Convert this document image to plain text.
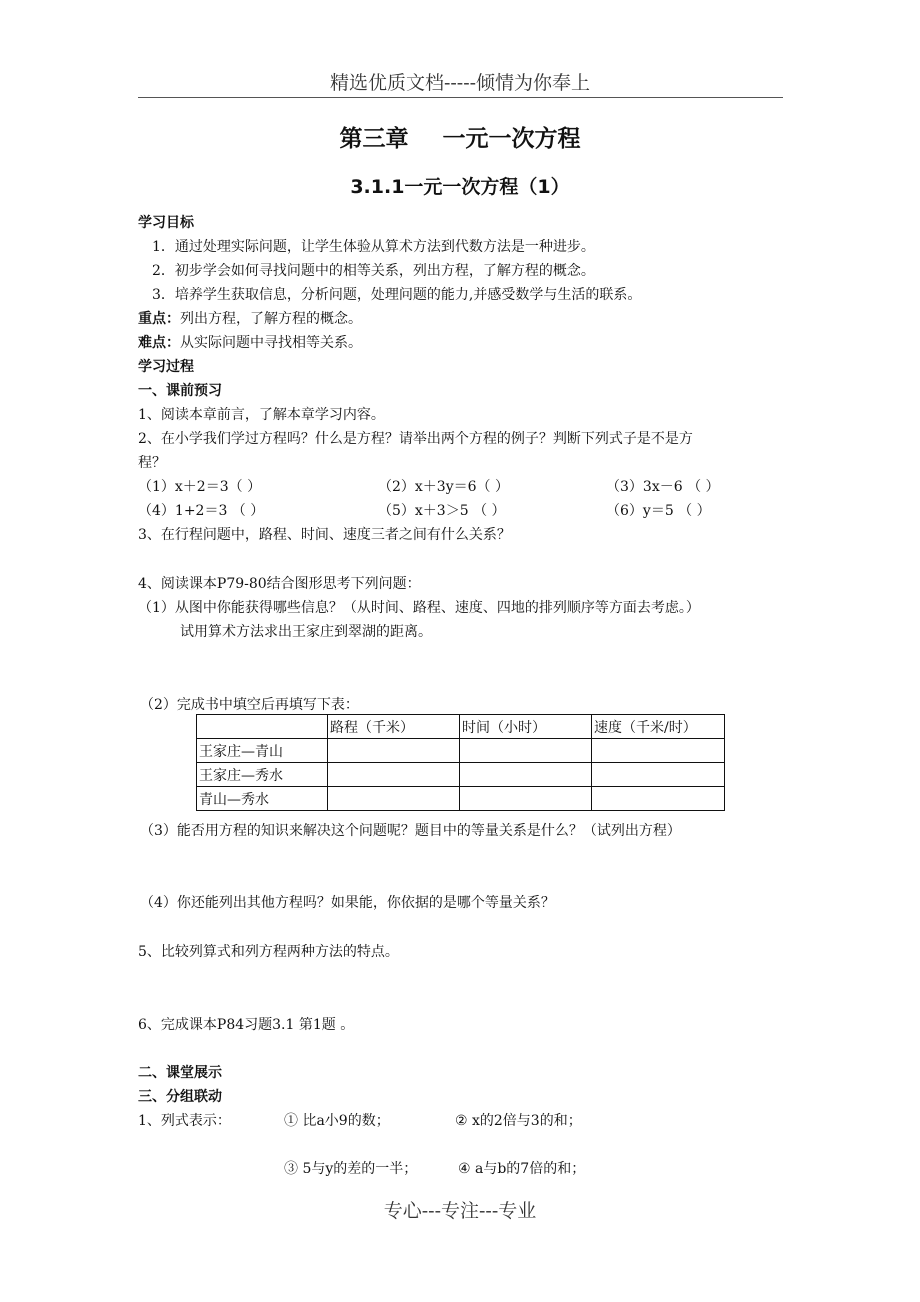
精选优质文档-----倾情为你奉上
第三章 一元一次方程
3.1.1一元一次方程（1）
学习目标
1．通过处理实际问题，让学生体验从算术方法到代数方法是一种进步。
2．初步学会如何寻找问题中的相等关系，列出方程，了解方程的概念。
3．培养学生获取信息，分析问题，处理问题的能力,并感受数学与生活的联系。
重点：列出方程，了解方程的概念。
难点：从实际问题中寻找相等关系。
学习过程
一、课前预习
1、阅读本章前言，了解本章学习内容。
2、在小学我们学过方程吗？什么是方程？请举出两个方程的例子？判断下列式子是不是方
程？
（1）x＋2＝3（ ）	（2）x＋3y＝6（ ）	（3）3x－6 （ ）
（4）1+2＝3 （ ）	（5）x＋3＞5 （ ）	（6）y＝5 （ ）
3、在行程问题中，路程、时间、速度三者之间有什么关系？
4、阅读课本P79-80结合图形思考下列问题：
（1）从图中你能获得哪些信息？（从时间、路程、速度、四地的排列顺序等方面去考虑。）
试用算术方法求出王家庄到翠湖的距离。
（2）完成书中填空后再填写下表：
	路程（千米）	时间（小时）	速度（千米/时）
王家庄—青山			
王家庄—秀水			
青山—秀水			
（3）能否用方程的知识来解决这个问题呢？题目中的等量关系是什么？（试列出方程）
（4）你还能列出其他方程吗？如果能，你依据的是哪个等量关系？
5、比较列算式和列方程两种方法的特点。
6、完成课本P84习题3.1 第1题 。
二、课堂展示
三、分组联动
1、列式表示：	① 比a小9的数；	② x的2倍与3的和；
③ 5与y的差的一半；	④ a与b的7倍的和；
专心---专注---专业
